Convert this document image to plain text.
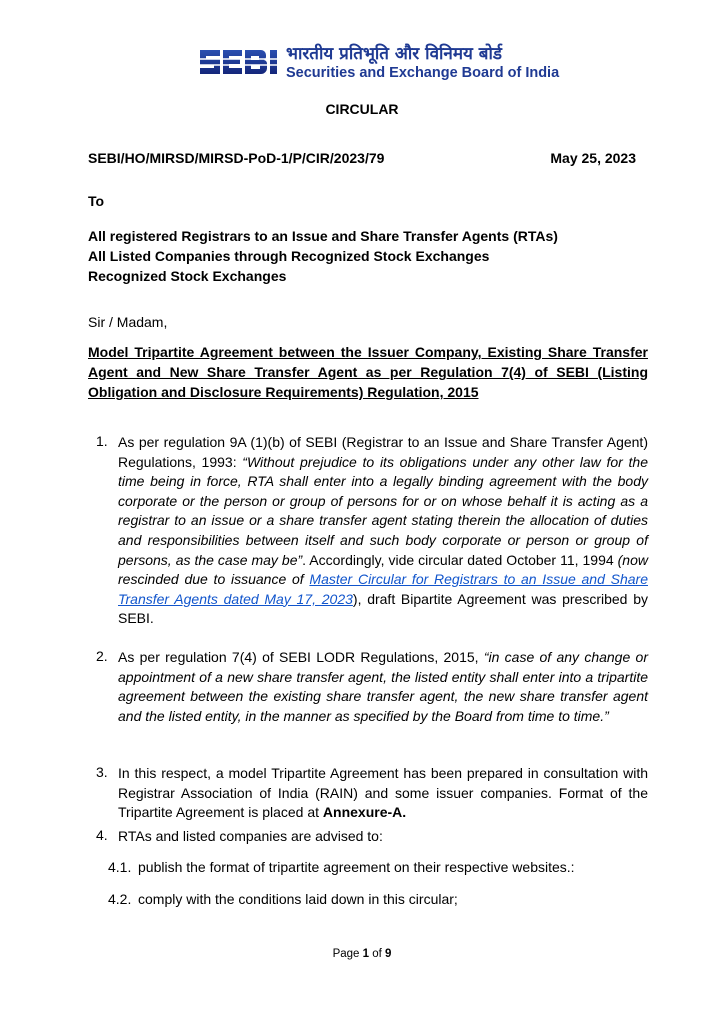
भारतीय प्रतिभूति और विनिमय बोर्ड
Securities and Exchange Board of India
CIRCULAR
SEBI/HO/MIRSD/MIRSD-PoD-1/P/CIR/2023/79	May 25, 2023
To
All registered Registrars to an Issue and Share Transfer Agents (RTAs)
All Listed Companies through Recognized Stock Exchanges
Recognized Stock Exchanges
Sir / Madam,
Model Tripartite Agreement between the Issuer Company, Existing Share Transfer Agent and New Share Transfer Agent as per Regulation 7(4) of SEBI (Listing Obligation and Disclosure Requirements) Regulation, 2015
1. As per regulation 9A (1)(b) of SEBI (Registrar to an Issue and Share Transfer Agent) Regulations, 1993: “Without prejudice to its obligations under any other law for the time being in force, RTA shall enter into a legally binding agreement with the body corporate or the person or group of persons for or on whose behalf it is acting as a registrar to an issue or a share transfer agent stating therein the allocation of duties and responsibilities between itself and such body corporate or person or group of persons, as the case may be”. Accordingly, vide circular dated October 11, 1994 (now rescinded due to issuance of Master Circular for Registrars to an Issue and Share Transfer Agents dated May 17, 2023), draft Bipartite Agreement was prescribed by SEBI.
2. As per regulation 7(4) of SEBI LODR Regulations, 2015, “in case of any change or appointment of a new share transfer agent, the listed entity shall enter into a tripartite agreement between the existing share transfer agent, the new share transfer agent and the listed entity, in the manner as specified by the Board from time to time.”
3. In this respect, a model Tripartite Agreement has been prepared in consultation with Registrar Association of India (RAIN) and some issuer companies. Format of the Tripartite Agreement is placed at Annexure-A.
4. RTAs and listed companies are advised to:
4.1. publish the format of tripartite agreement on their respective websites.:
4.2. comply with the conditions laid down in this circular;
Page 1 of 9
